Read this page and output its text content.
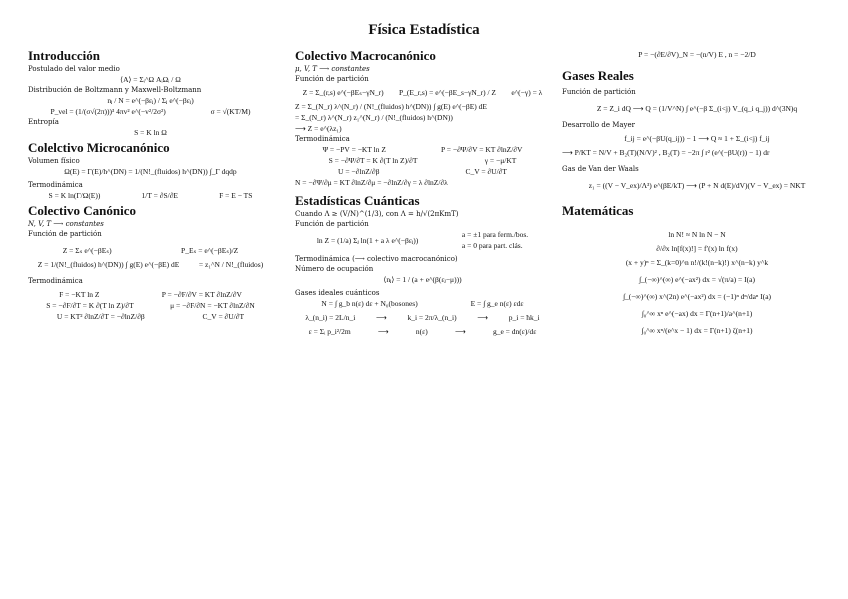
Física Estadística
Introducción

Postulado del valor medio

⟨A⟩ = Σᵢ^Ω AᵢΩᵢ / Ω

Distribución de Boltzmann y Maxwell-Boltzmann

nⱼ / N = e^(−βεⱼ) / Σⱼ e^(−βεⱼ)

P_vel = (1/(σ√(2π)))³ 4πv² e^(−v²/2σ²)	σ = √(KT/M)

Entropía

S = K ln Ω

Colelctivo Microcanónico

Volumen físico

Ω(E) = Γ(E)/h^(DN) = 1/(N!_(fluidos) h^(DN)) ∫_Γ dqdp

Termodinámica

S = K ln(Γ/Ω(E))	1/T = ∂S/∂E	F = E − TS

Colectivo Canónico

N, V, T ⟶ constantes

Función de partición

Z = Σₛ e^(−βEₛ)	P_Eₛ = e^(−βEₛ)/Z

Z = 1/(N!_(fluidos) h^(DN)) ∫ g(E) e^(−βE) dE	= z₁^N / N!_(fluidos)

Termodinámica

F = −KT ln Z	P = −∂F/∂V = KT ∂lnZ/∂V

S = −∂F/∂T = K ∂(T ln Z)/∂T	μ = −∂F/∂N = −KT ∂lnZ/∂N

U = KT² ∂lnZ/∂T = −∂lnZ/∂β	C_V = ∂U/∂T

Colectivo Macrocanónico

μ, V, T ⟶ constantes

Función de partición

Z = Σ_(r,s) e^(−βEₛ−γN_r) P_(E_r,s) = e^(−βE_s−γN_r) / Z e^(−γ) = λ

Z = Σ_(N_r) λ^(N_r) / (N!_(fluidos) h^(DN)) ∫ g(E) e^(−βE) dE

= Σ_(N_r) λ^(N_r) z₁^(N_r) / (N!_(fluidos) h^(DN))

⟶ Z = e^(λz₁)

Termodinámica

Ψ = −PV = −KT ln Z	P = −∂Ψ/∂V = KT ∂lnZ/∂V

S = −∂Ψ/∂T = K ∂(T ln Z)/∂T	γ = −μ/KT

U = −∂lnZ/∂β	C_V = ∂U/∂T

N = −∂Ψ/∂μ = KT ∂lnZ/∂μ = −∂lnZ/∂γ = λ ∂lnZ/∂λ

Estadísticas Cuánticas

Cuando Λ ≥ (V/N)^(1/3), con Λ = h/√(2πKmT)

Función de partición

ln Z = (1/a) Σⱼ ln(1 + a λ e^(−βεⱼ))

a = ±1 para ferm./bos.

a = 0 para part. clás.

Termodinámica (⟶ colectivo macrocanónico)

Número de ocupación

⟨nⱼ⟩ = 1 / (a + e^(β(εⱼ−μ)))

Gases ideales cuánticos

N = ∫ g_b n(ε) dε + N₀(bosones)	E = ∫ g_e n(ε) εdε

λ_(n_i) = 2L/n_i	⟶	k_i = 2π/λ_(n_i)	⟶	p_i = ħk_i

ε = Σᵢ p_i²/2m	⟶	n(ε)	⟶	g_e = dn(ε)/dε

P = −(∂E/∂V)_N = −(n/V) E , n = −2/D

Gases Reales

Función de partición

Z = Z_i dQ ⟶ Q = (1/V^N) ∫ e^(−β Σ_(i<j) V_(q_i q_j)) d^(3N)q

Desarrollo de Mayer

f_ij = e^(−βU(q_ij)) − 1 ⟶ Q ≈ 1 + Σ_(i<j) f_ij

⟶ P/KT = N/V + B₂(T)(N/V)² , B₂(T) = −2π ∫ r² (e^(−βU(r)) − 1) dr

Gas de Van der Waals

z₁ = ((V − V_ex)/Λ³) e^(βE/kT) ⟶ (P + N d(E)/dV)(V − V_ex) = NKT

Matemáticas

ln N! ≈ N ln N − N

∂/∂x ln[f(x)!] = f′(x) ln f(x)

(x + y)ⁿ = Σ_(k=0)^n n!/(k!(n−k)!) x^(n−k) y^k

∫_(−∞)^(∞) e^(−ax²) dx = √(π/a) = I(a)

∫_(−∞)^(∞) x^(2n) e^(−ax²) dx = (−1)ⁿ dⁿ/daⁿ I(a)

∫₀^∞ xⁿ e^(−ax) dx = Γ(n+1)/a^(n+1)

∫₀^∞ xⁿ/(e^x − 1) dx = Γ(n+1) ζ(n+1)
